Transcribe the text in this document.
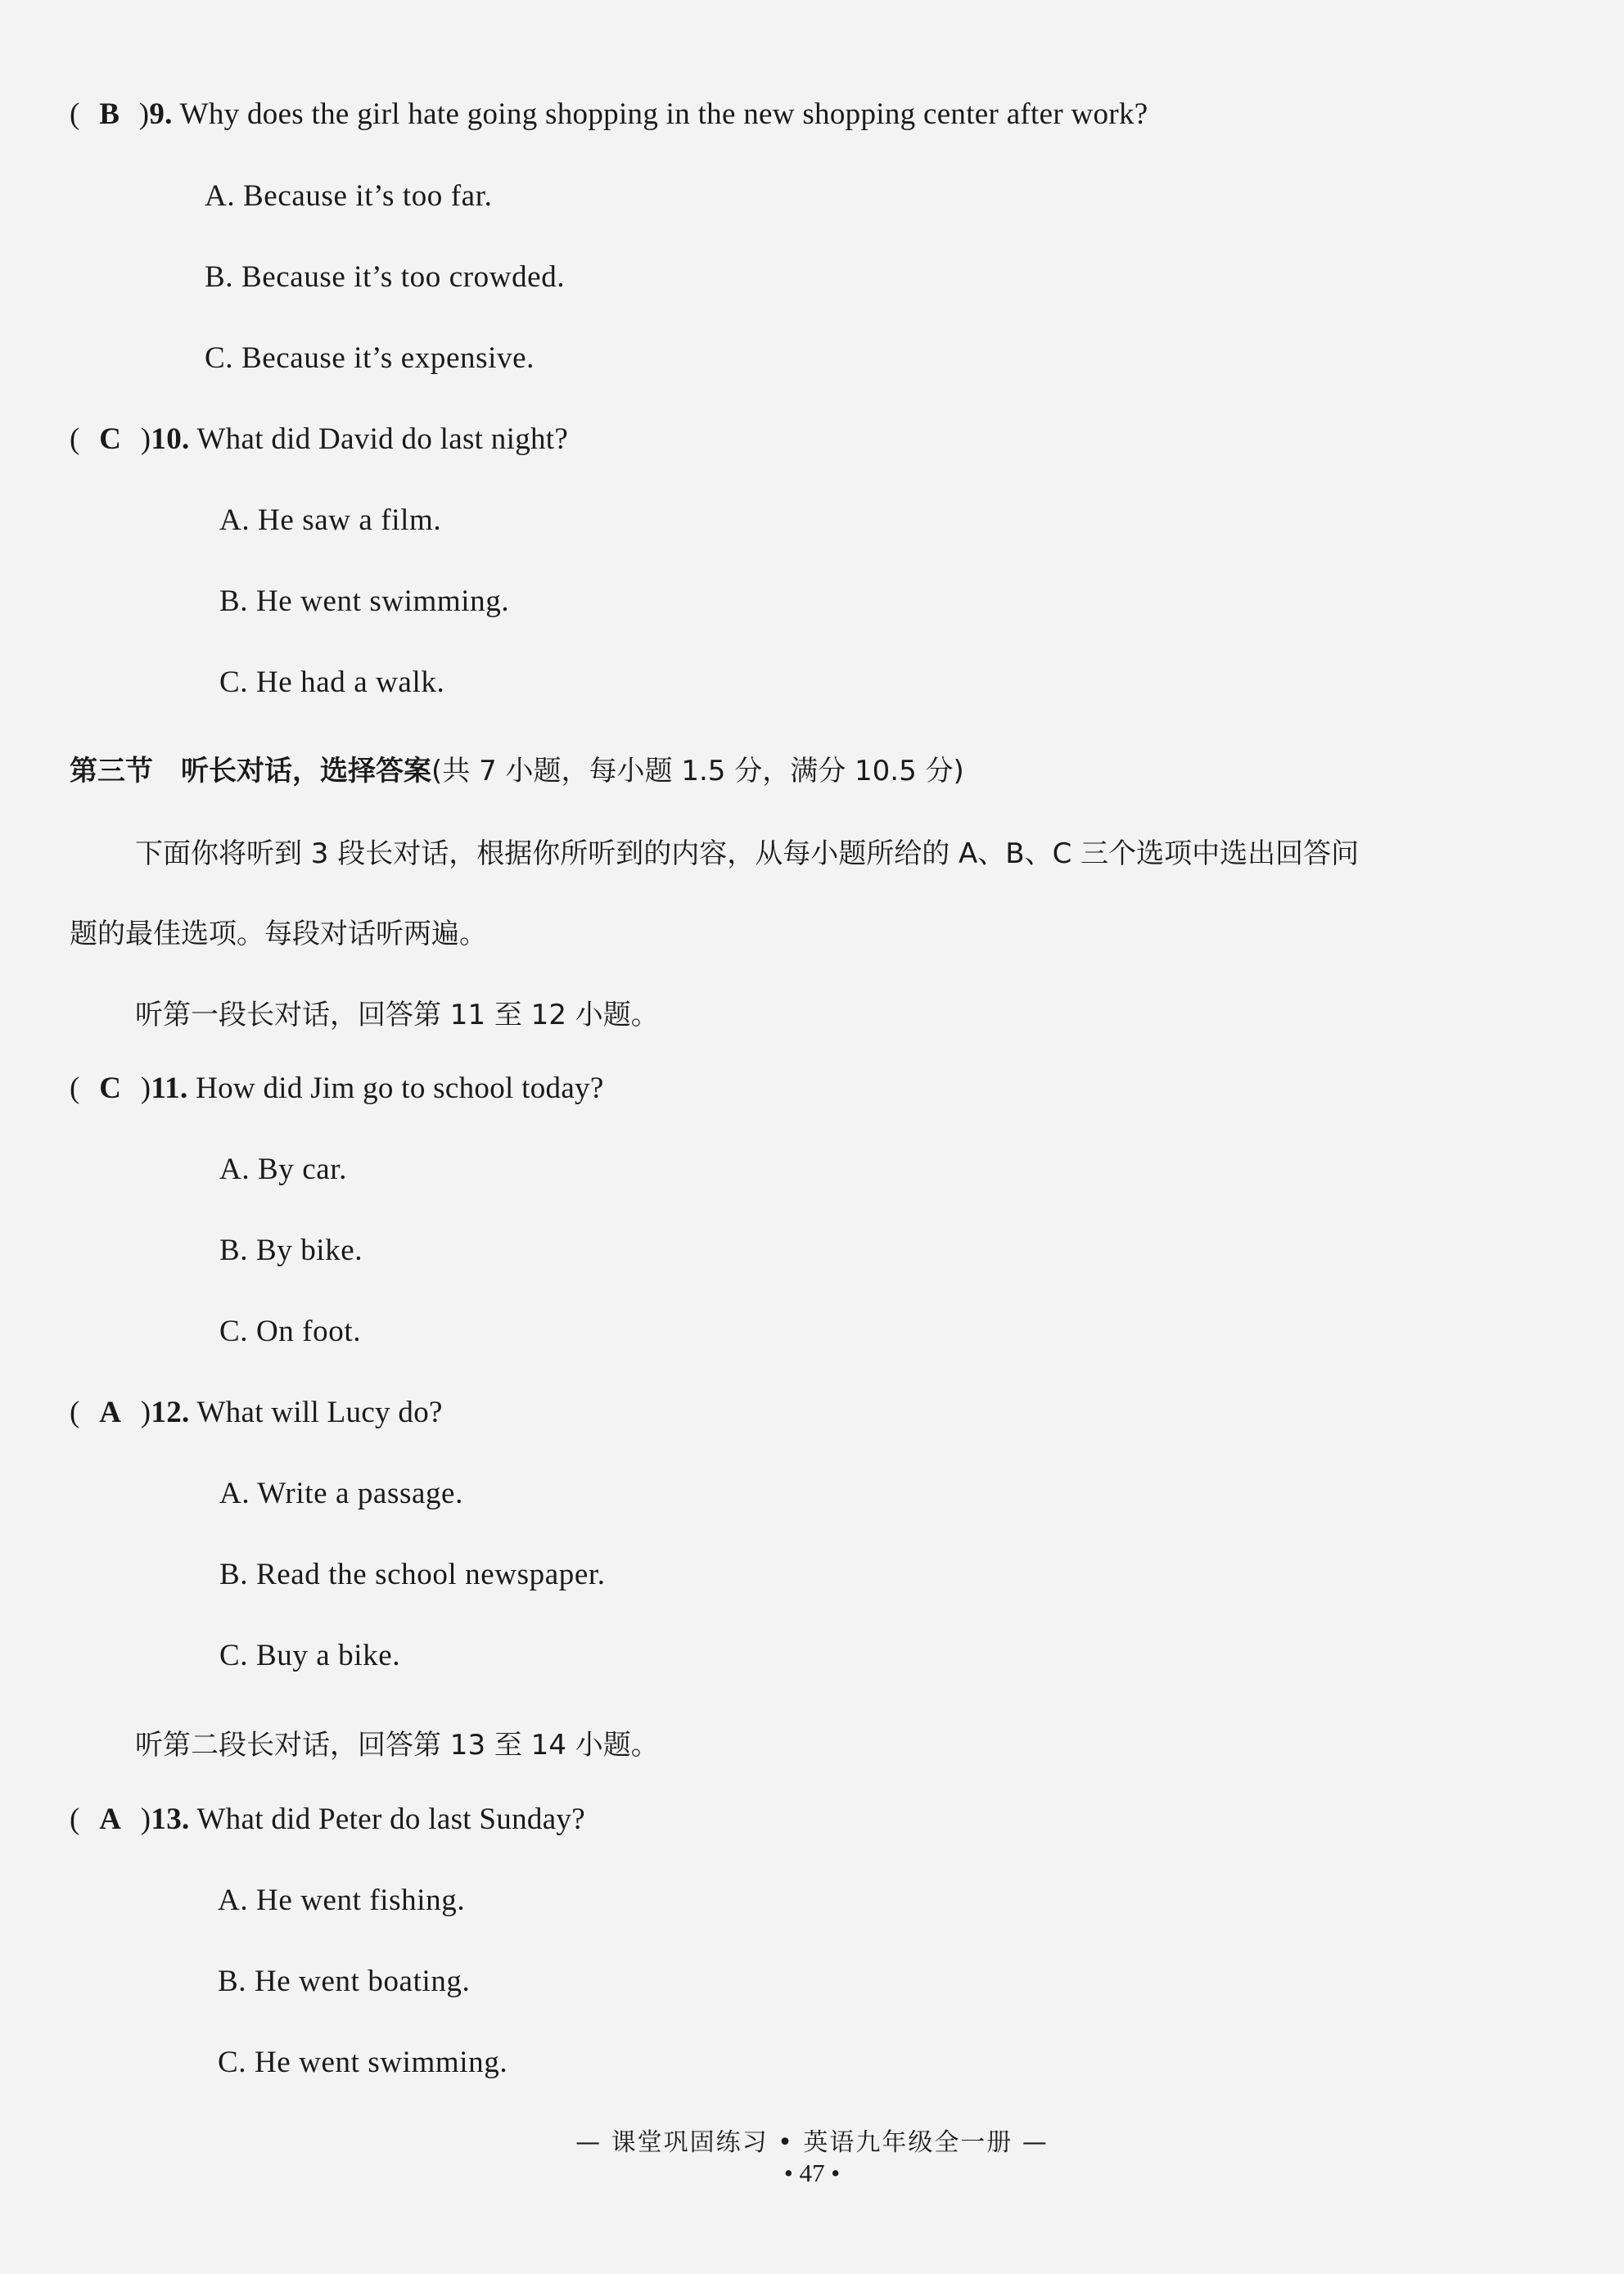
( B )9. Why does the girl hate going shopping in the new shopping center after work?
A. Because it’s too far.
B. Because it’s too crowded.
C. Because it’s expensive.
( C )10. What did David do last night?
A. He saw a film.
B. He went swimming.
C. He had a walk.
第三节　听长对话，选择答案(共 7 小题，每小题 1.5 分，满分 10.5 分)
下面你将听到 3 段长对话，根据你所听到的内容，从每小题所给的 A、B、C 三个选项中选出回答问
题的最佳选项。每段对话听两遍。
听第一段长对话，回答第 11 至 12 小题。
( C )11. How did Jim go to school today?
A. By car.
B. By bike.
C. On foot.
( A )12. What will Lucy do?
A. Write a passage.
B. Read the school newspaper.
C. Buy a bike.
听第二段长对话，回答第 13 至 14 小题。
( A )13. What did Peter do last Sunday?
A. He went fishing.
B. He went boating.
C. He went swimming.
— 课堂巩固练习 • 英语九年级全一册 —
• 47 •
